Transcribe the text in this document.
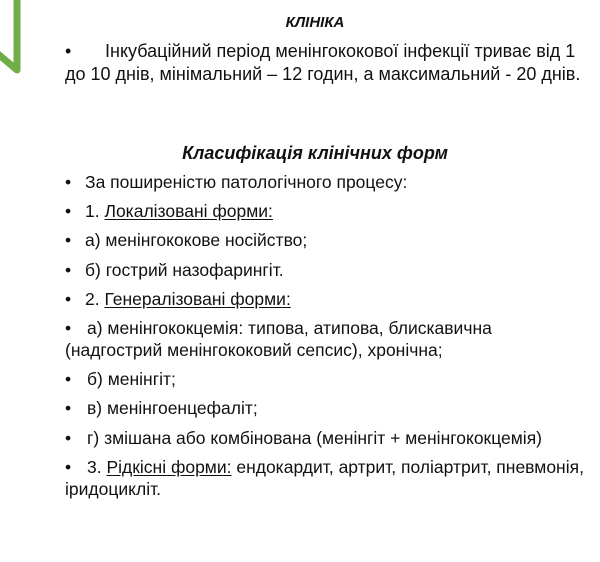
КЛІНІКА
• Інкубаційний період менінгококової інфекції триває від 1 до 10 днів, мінімальний – 12 годин, а максимальний - 20 днів.
Класифікація клінічних форм
• За поширеністю патологічного процесу:
• 1. Локалізовані форми:
• а) менінгококове носійство;
• б) гострий назофарингіт.
• 2. Генералізовані форми:
• а) менінгококцемія: типова, атипова, блискавична (надгострий менінгококовий сепсис), хронічна;
• б) менінгіт;
• в) менінгоенцефаліт;
• г) змішана або комбінована (менінгіт + менінгококцемія)
• 3. Рідкісні форми: ендокардит, артрит, поліартрит, пневмонія, іридоцикліт.
